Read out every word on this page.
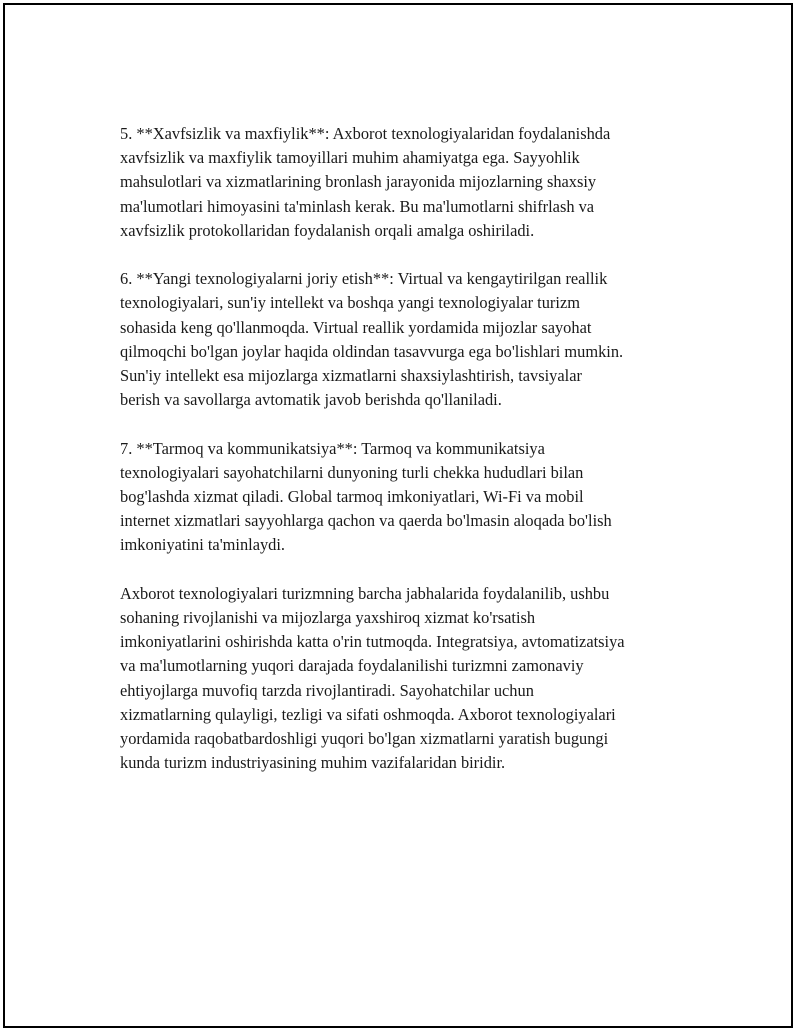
5. **Xavfsizlik va maxfiylik**: Axborot texnologiyalaridan foydalanishda
xavfsizlik va maxfiylik tamoyillari muhim ahamiyatga ega. Sayyohlik
mahsulotlari va xizmatlarining bronlash jarayonida mijozlarning shaxsiy
ma'lumotlari himoyasini ta'minlash kerak. Bu ma'lumotlarni shifrlash va
xavfsizlik protokollaridan foydalanish orqali amalga oshiriladi.

6. **Yangi texnologiyalarni joriy etish**: Virtual va kengaytirilgan reallik
texnologiyalari, sun'iy intellekt va boshqa yangi texnologiyalar turizm
sohasida keng qo'llanmoqda. Virtual reallik yordamida mijozlar sayohat
qilmoqchi bo'lgan joylar haqida oldindan tasavvurga ega bo'lishlari mumkin.
Sun'iy intellekt esa mijozlarga xizmatlarni shaxsiylashtirish, tavsiyalar
berish va savollarga avtomatik javob berishda qo'llaniladi.

7. **Tarmoq va kommunikatsiya**: Tarmoq va kommunikatsiya
texnologiyalari sayohatchilarni dunyoning turli chekka hududlari bilan
bog'lashda xizmat qiladi. Global tarmoq imkoniyatlari, Wi-Fi va mobil
internet xizmatlari sayyohlarga qachon va qaerda bo'lmasin aloqada bo'lish
imkoniyatini ta'minlaydi.

Axborot texnologiyalari turizmning barcha jabhalarida foydalanilib, ushbu
sohaning rivojlanishi va mijozlarga yaxshiroq xizmat ko'rsatish
imkoniyatlarini oshirishda katta o'rin tutmoqda. Integratsiya, avtomatizatsiya
va ma'lumotlarning yuqori darajada foydalanilishi turizmni zamonaviy
ehtiyojlarga muvofiq tarzda rivojlantiradi. Sayohatchilar uchun
xizmatlarning qulayligi, tezligi va sifati oshmoqda. Axborot texnologiyalari
yordamida raqobatbardoshligi yuqori bo'lgan xizmatlarni yaratish bugungi
kunda turizm industriyasining muhim vazifalaridan biridir.
